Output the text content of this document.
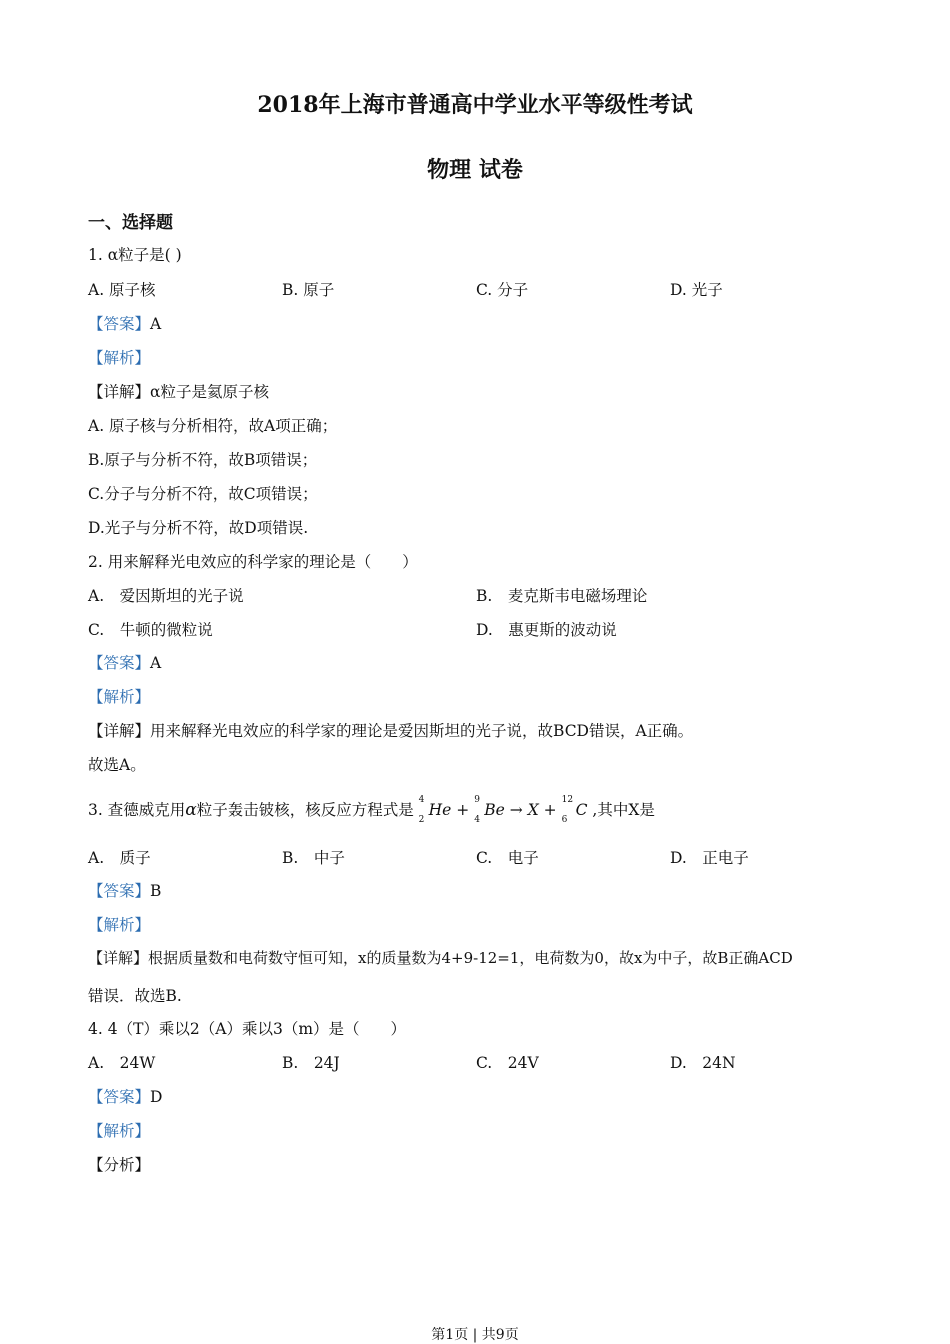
2018年上海市普通高中学业水平等级性考试
物理 试卷
一、选择题
1. α粒子是( )
A. 原子核	B. 原子	C. 分子	D. 光子
【答案】A
【解析】
【详解】α粒子是氦原子核
A. 原子核与分析相符，故A项正确；
B.原子与分析不符，故B项错误；
C.分子与分析不符，故C项错误；
D.光子与分析不符，故D项错误.
2. 用来解释光电效应的科学家的理论是（　　）
A.　爱因斯坦的光子说	B.　麦克斯韦电磁场理论
C.　牛顿的微粒说	D.　惠更斯的波动说
【答案】A
【解析】
【详解】用来解释光电效应的科学家的理论是爱因斯坦的光子说，故BCD错误，A正确。
故选A。
3. 查德威克用α粒子轰击铍核，核反应方程式是
4
2
He +
9
4
Be → X +
12
6
C ,其中X是
A.　质子	B.　中子	C.　电子	D.　正电子
【答案】B
【解析】
【详解】根据质量数和电荷数守恒可知，x的质量数为4+9-12=1，电荷数为0，故x为中子，故B正确ACD
错误．故选B.
4. 4（T）乘以2（A）乘以3（m）是（　　）
A.　24W	B.　24J	C.　24V	D.　24N
【答案】D
【解析】
【分析】
第1页 | 共9页
